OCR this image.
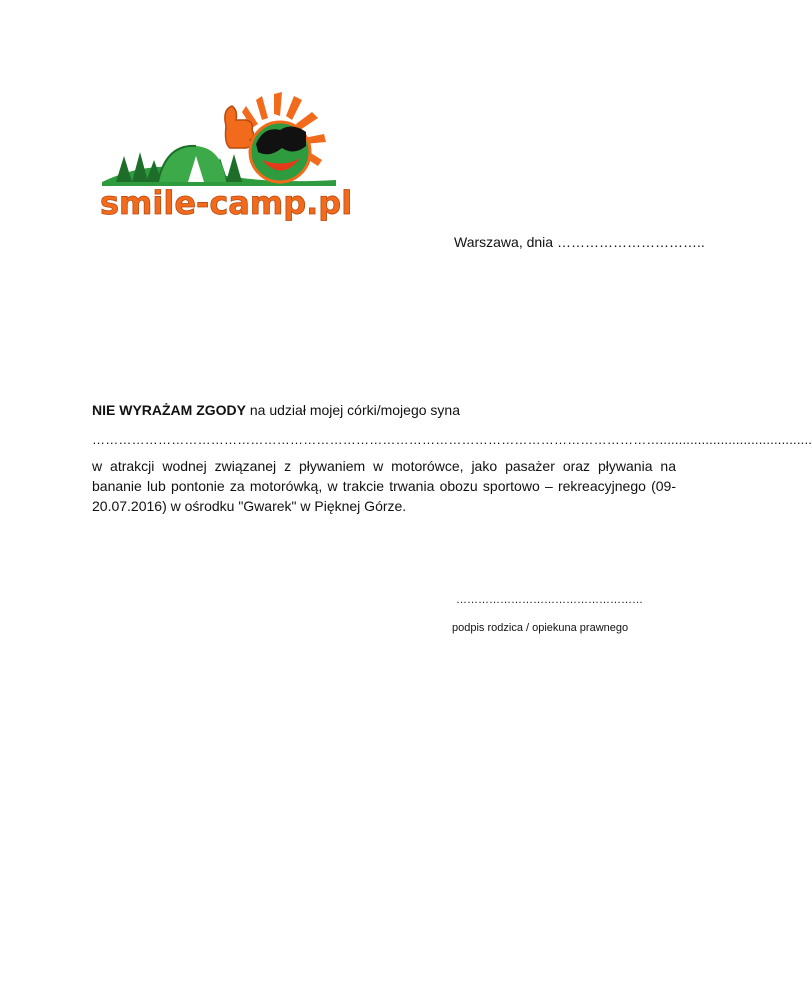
smile-camp.pl
Warszawa, dnia …………………………..
NIE WYRAŻAM ZGODY na udział mojej córki/mojego syna
…………………………………………………………………………………………………………………........................................
w atrakcji wodnej związanej z pływaniem w motorówce, jako pasażer oraz pływania na bananie lub pontonie za motorówką, w trakcie trwania obozu sportowo – rekreacyjnego (09-20.07.2016) w ośrodku "Gwarek" w Pięknej Górze.
……………………………………………
podpis rodzica / opiekuna prawnego
